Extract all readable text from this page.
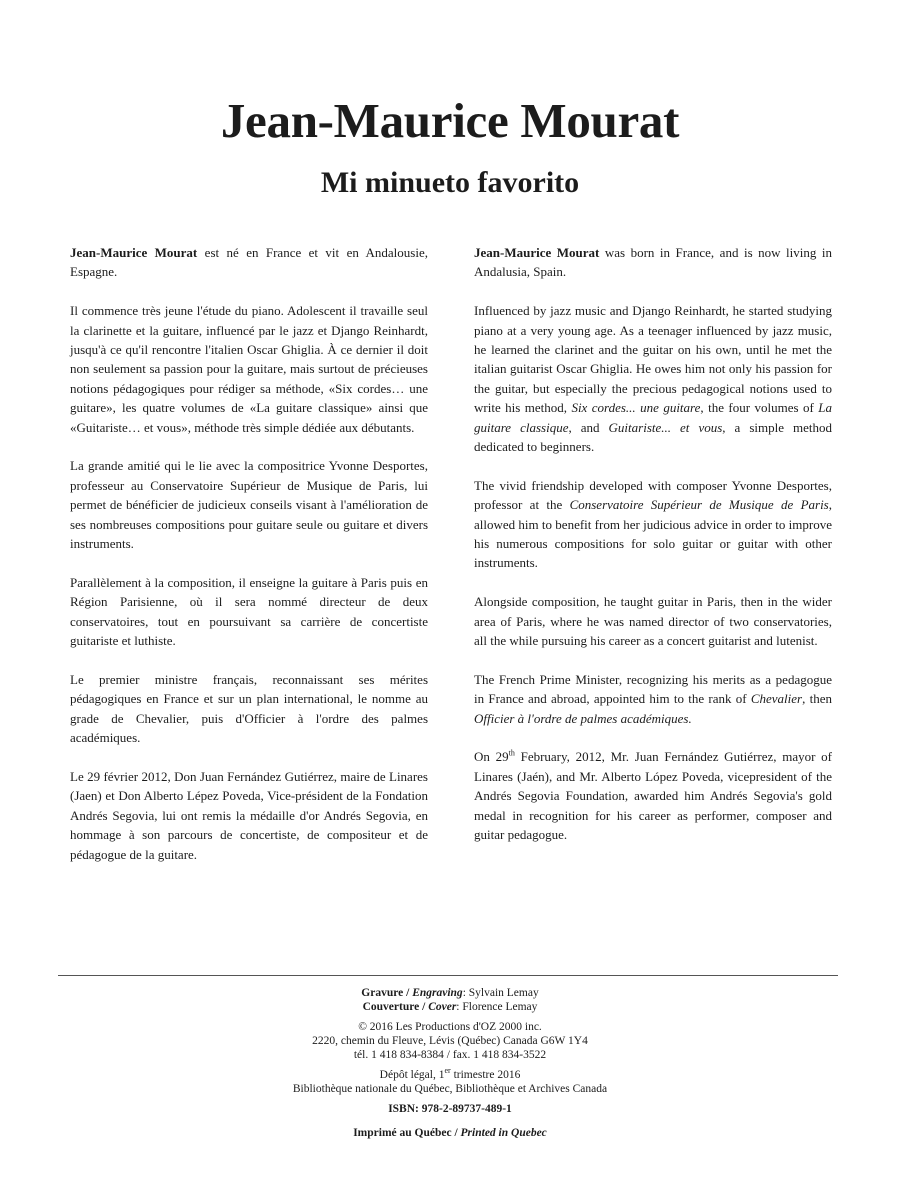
Jean-Maurice Mourat
Mi minueto favorito

Jean-Maurice Mourat est né en France et vit en Andalousie, Espagne.

Il commence très jeune l'étude du piano. Adolescent il travaille seul la clarinette et la guitare, influencé par le jazz et Django Reinhardt, jusqu'à ce qu'il rencontre l'italien Oscar Ghiglia. À ce dernier il doit non seulement sa passion pour la guitare, mais surtout de précieuses notions pédagogiques pour rédiger sa méthode, «Six cordes… une guitare», les quatre volumes de «La guitare classique» ainsi que «Guitariste… et vous», méthode très simple dédiée aux débutants.

La grande amitié qui le lie avec la compositrice Yvonne Desportes, professeur au Conservatoire Supérieur de Musique de Paris, lui permet de bénéficier de judicieux conseils visant à l'amélioration de ses nombreuses compositions pour guitare seule ou guitare et divers instruments.

Parallèlement à la composition, il enseigne la guitare à Paris puis en Région Parisienne, où il sera nommé directeur de deux conservatoires, tout en poursuivant sa carrière de concertiste guitariste et luthiste.

Le premier ministre français, reconnaissant ses mérites pédagogiques en France et sur un plan international, le nomme au grade de Chevalier, puis d'Officier à l'ordre des palmes académiques.

Le 29 février 2012, Don Juan Fernández Gutiérrez, maire de Linares (Jaen) et Don Alberto Lépez Poveda, Vice-président de la Fondation Andrés Segovia, lui ont remis la médaille d'or Andrés Segovia, en hommage à son parcours de concertiste, de compositeur et de pédagogue de la guitare.

Jean-Maurice Mourat was born in France, and is now living in Andalusia, Spain.

Influenced by jazz music and Django Reinhardt, he started studying piano at a very young age. As a teenager influenced by jazz music, he learned the clarinet and the guitar on his own, until he met the italian guitarist Oscar Ghiglia. He owes him not only his passion for the guitar, but especially the precious pedagogical notions used to write his method, Six cordes... une guitare, the four volumes of La guitare classique, and Guitariste... et vous, a simple method dedicated to beginners.

The vivid friendship developed with composer Yvonne Desportes, professor at the Conservatoire Supérieur de Musique de Paris, allowed him to benefit from her judicious advice in order to improve his numerous compositions for solo guitar or guitar with other instruments.

Alongside composition, he taught guitar in Paris, then in the wider area of Paris, where he was named director of two conservatories, all the while pursuing his career as a concert guitarist and lutenist.

The French Prime Minister, recognizing his merits as a pedagogue in France and abroad, appointed him to the rank of Chevalier, then Officier à l'ordre de palmes académiques.

On 29th February, 2012, Mr. Juan Fernández Gutiérrez, mayor of Linares (Jaén), and Mr. Alberto López Poveda, vicepresident of the Andrés Segovia Foundation, awarded him Andrés Segovia's gold medal in recognition for his career as performer, composer and guitar pedagogue.

Gravure / Engraving: Sylvain Lemay
Couverture / Cover: Florence Lemay
© 2016 Les Productions d'OZ 2000 inc.
2220, chemin du Fleuve, Lévis (Québec) Canada G6W 1Y4
tél. 1 418 834-8384 / fax. 1 418 834-3522
Dépôt légal, 1er trimestre 2016
Bibliothèque nationale du Québec, Bibliothèque et Archives Canada
ISBN: 978-2-89737-489-1
Imprimé au Québec / Printed in Quebec
